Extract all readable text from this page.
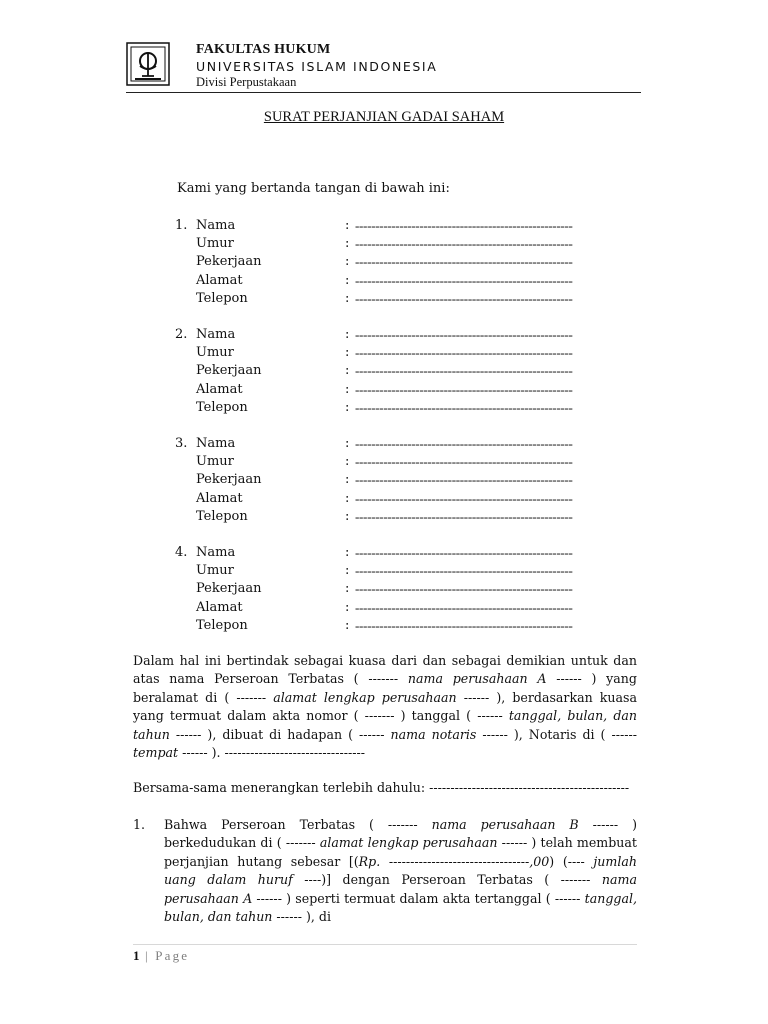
FAKULTAS HUKUM
UNIVERSITAS ISLAM INDONESIA
Divisi Perpustakaan
SURAT PERJANJIAN GADAI SAHAM
Kami yang bertanda tangan di bawah ini:
1. Nama	: ------------------------------------------------------
Umur	: ------------------------------------------------------
Pekerjaan	: ------------------------------------------------------
Alamat	: ------------------------------------------------------
Telepon	: ------------------------------------------------------
2. Nama	: ------------------------------------------------------
Umur	: ------------------------------------------------------
Pekerjaan	: ------------------------------------------------------
Alamat	: ------------------------------------------------------
Telepon	: ------------------------------------------------------
3. Nama	: ------------------------------------------------------
Umur	: ------------------------------------------------------
Pekerjaan	: ------------------------------------------------------
Alamat	: ------------------------------------------------------
Telepon	: ------------------------------------------------------
4. Nama	: ------------------------------------------------------
Umur	: ------------------------------------------------------
Pekerjaan	: ------------------------------------------------------
Alamat	: ------------------------------------------------------
Telepon	: ------------------------------------------------------
Dalam hal ini bertindak sebagai kuasa dari dan sebagai demikian untuk dan atas nama Perseroan Terbatas ( ------- nama perusahaan A ------ ) yang beralamat di ( ------- alamat lengkap perusahaan ------ ), berdasarkan kuasa yang termuat dalam akta nomor ( ------- ) tanggal ( ------ tanggal, bulan, dan tahun ------ ), dibuat di hadapan ( ------ nama notaris ------ ), Notaris di ( ------ tempat ------ ). ---------------------------------
Bersama-sama menerangkan terlebih dahulu: -----------------------------------------------
1. Bahwa Perseroan Terbatas ( ------- nama perusahaan B ------ ) berkedudukan di ( ------- alamat lengkap perusahaan ------ ) telah membuat perjanjian hutang sebesar [(Rp. ---------------------------------,00) (---- jumlah uang dalam huruf ----)] dengan Perseroan Terbatas ( ------- nama perusahaan A ------ ) seperti termuat dalam akta tertanggal ( ------ tanggal, bulan, dan tahun ------ ), di
1 | Page
